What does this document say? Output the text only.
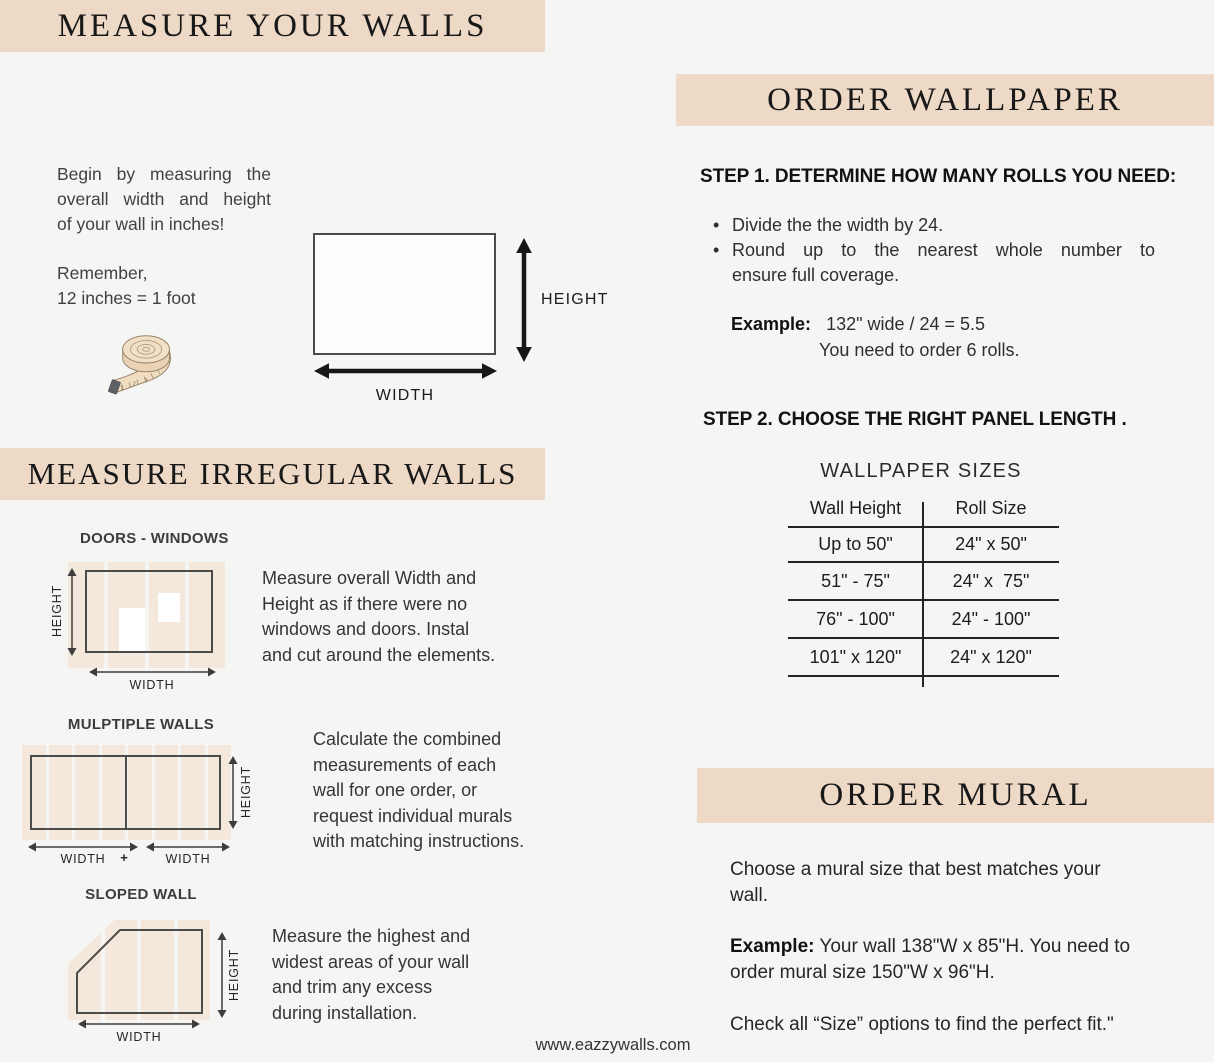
MEASURE YOUR WALLS
Begin by measuring the
overall width and height
of your wall in inches!
Remember,
12 inches = 1 foot
1 2 3
HEIGHT
WIDTH
MEASURE IRREGULAR WALLS
DOORS - WINDOWS
HEIGHT
WIDTH
Measure overall Width and
Height as if there were no
windows and doors. Instal
and cut around the elements.
MULPTIPLE WALLS
HEIGHT
WIDTH	+	WIDTH
Calculate the combined
measurements of each
wall for one order, or
request individual murals
with matching instructions.
SLOPED WALL
HEIGHT
WIDTH
Measure the highest and
widest areas of your wall
and trim any excess
during installation.
ORDER WALLPAPER
STEP 1. DETERMINE HOW MANY ROLLS YOU NEED:
• Divide the the width by 24.
• Round up to the nearest whole number to
ensure full coverage.
Example: 132" wide / 24 = 5.5
You need to order 6 rolls.
STEP 2. CHOOSE THE RIGHT PANEL LENGTH .
WALLPAPER SIZES
Wall Height	Roll Size
Up to 50"	24" x 50"
51" - 75"	24" x  75"
76" - 100"	24" - 100"
101" x 120"	24" x 120"
ORDER MURAL
Choose a mural size that best matches your
wall.
Example: Your wall 138"W x 85"H. You need to
order mural size 150"W x 96"H.
Check all “Size” options to find the perfect fit."
www.eazzywalls.com
